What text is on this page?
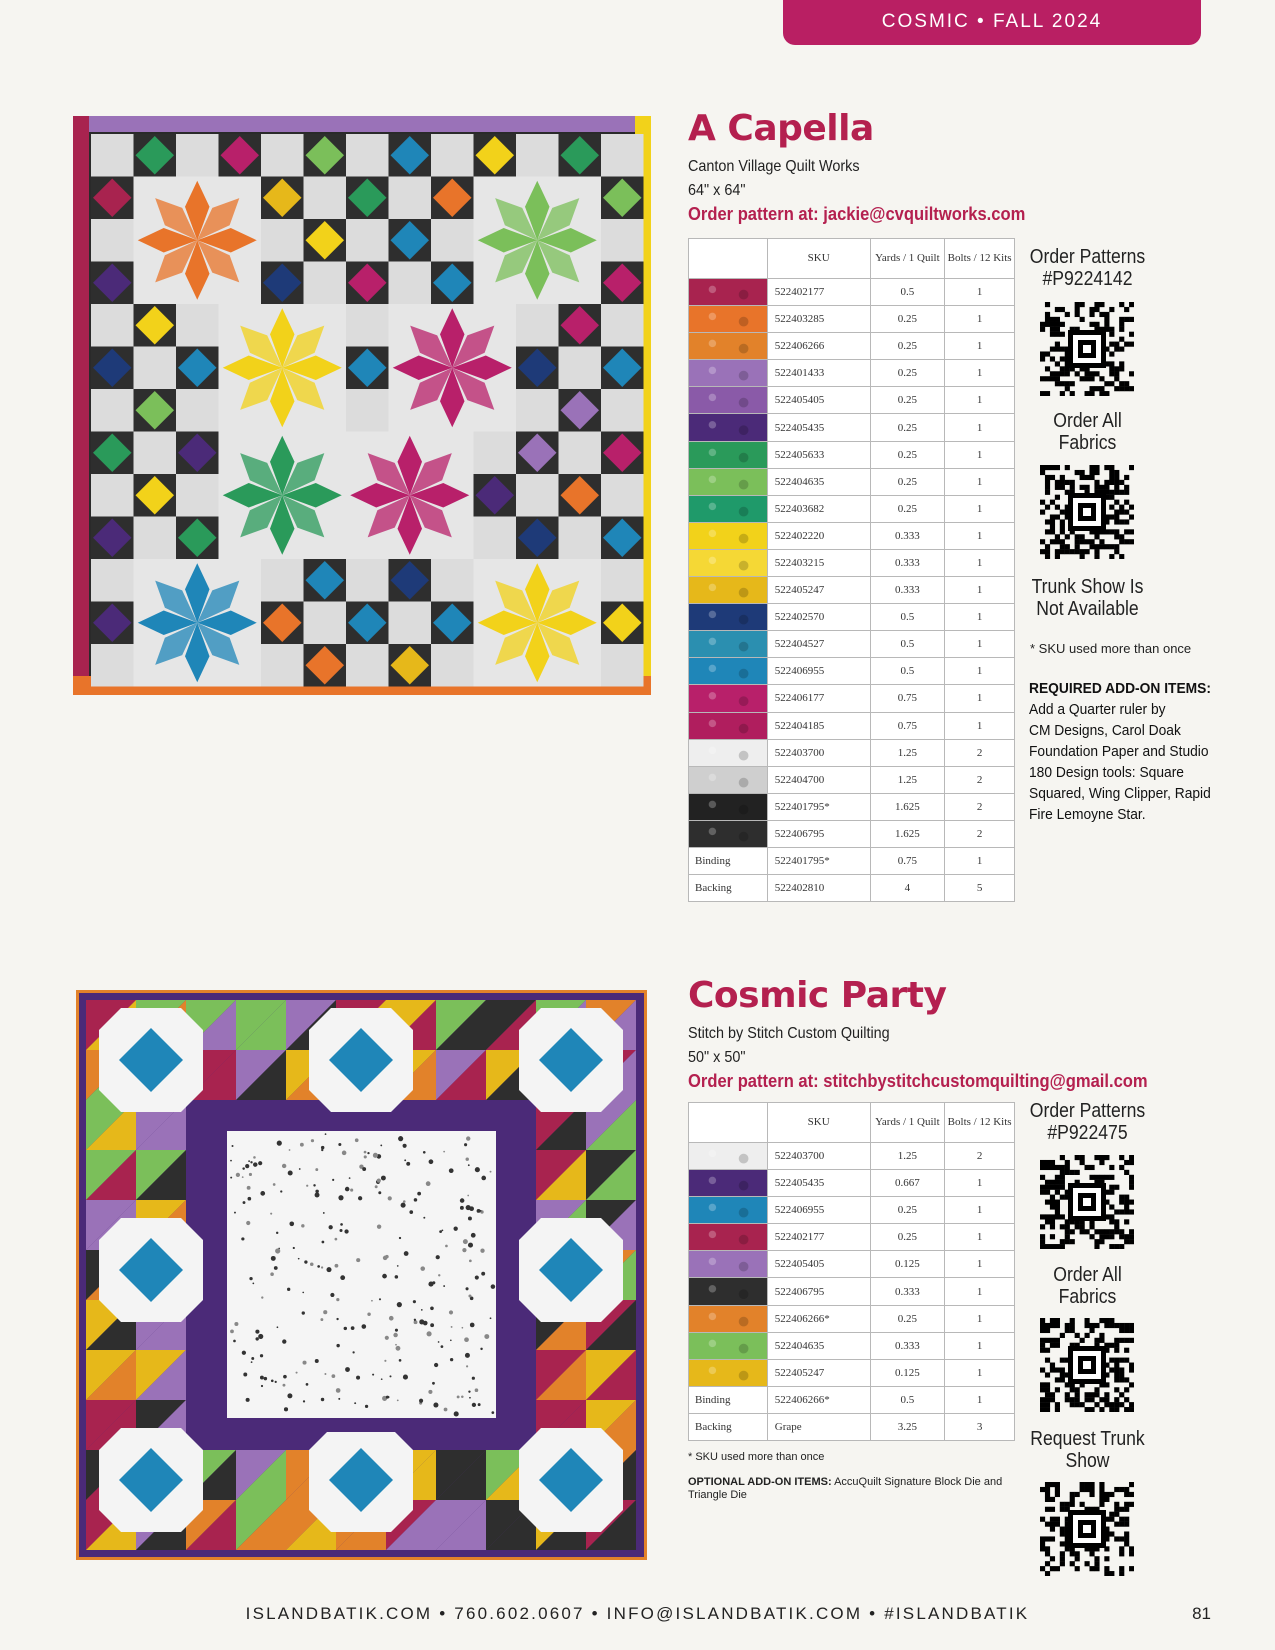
COSMIC • FALL 2024
A Capella
Canton Village Quilt Works
64" x 64"
Order pattern at: jackie@cvquiltworks.com
	SKU	Yards / 1 Quilt	Bolts / 12 Kits

	522402177	0.5	1

	522403285	0.25	1

	522406266	0.25	1

	522401433	0.25	1

	522405405	0.25	1

	522405435	0.25	1

	522405633	0.25	1

	522404635	0.25	1

	522403682	0.25	1

	522402220	0.333	1

	522403215	0.333	1

	522405247	0.333	1

	522402570	0.5	1

	522404527	0.5	1

	522406955	0.5	1

	522406177	0.75	1

	522404185	0.75	1

	522403700	1.25	2

	522404700	1.25	2

	522401795*	1.625	2

	522406795	1.625	2
Binding	522401795*	0.75	1
Backing	522402810	4	5
Order Patterns
#P9224142
Order All
Fabrics
Trunk Show Is
Not Available
* SKU used more than once
REQUIRED ADD-ON ITEMS:
Add a Quarter ruler by
CM Designs, Carol Doak
Foundation Paper and Studio
180 Design tools: Square
Squared, Wing Clipper, Rapid
Fire Lemoyne Star.
Cosmic Party
Stitch by Stitch Custom Quilting
50" x 50"
Order pattern at: stitchbystitchcustomquilting@gmail.com
	SKU	Yards / 1 Quilt	Bolts / 12 Kits

	522403700	1.25	2

	522405435	0.667	1

	522406955	0.25	1

	522402177	0.25	1

	522405405	0.125	1

	522406795	0.333	1

	522406266*	0.25	1

	522404635	0.333	1

	522405247	0.125	1
Binding	522406266*	0.5	1
Backing	Grape	3.25	3
* SKU used more than once
OPTIONAL ADD-ON ITEMS: AccuQuilt Signature Block Die and Triangle Die
Order Patterns
#P922475
Order All
Fabrics
Request Trunk
Show
ISLANDBATIK.COM • 760.602.0607 • INFO@ISLANDBATIK.COM • #ISLANDBATIK	81
